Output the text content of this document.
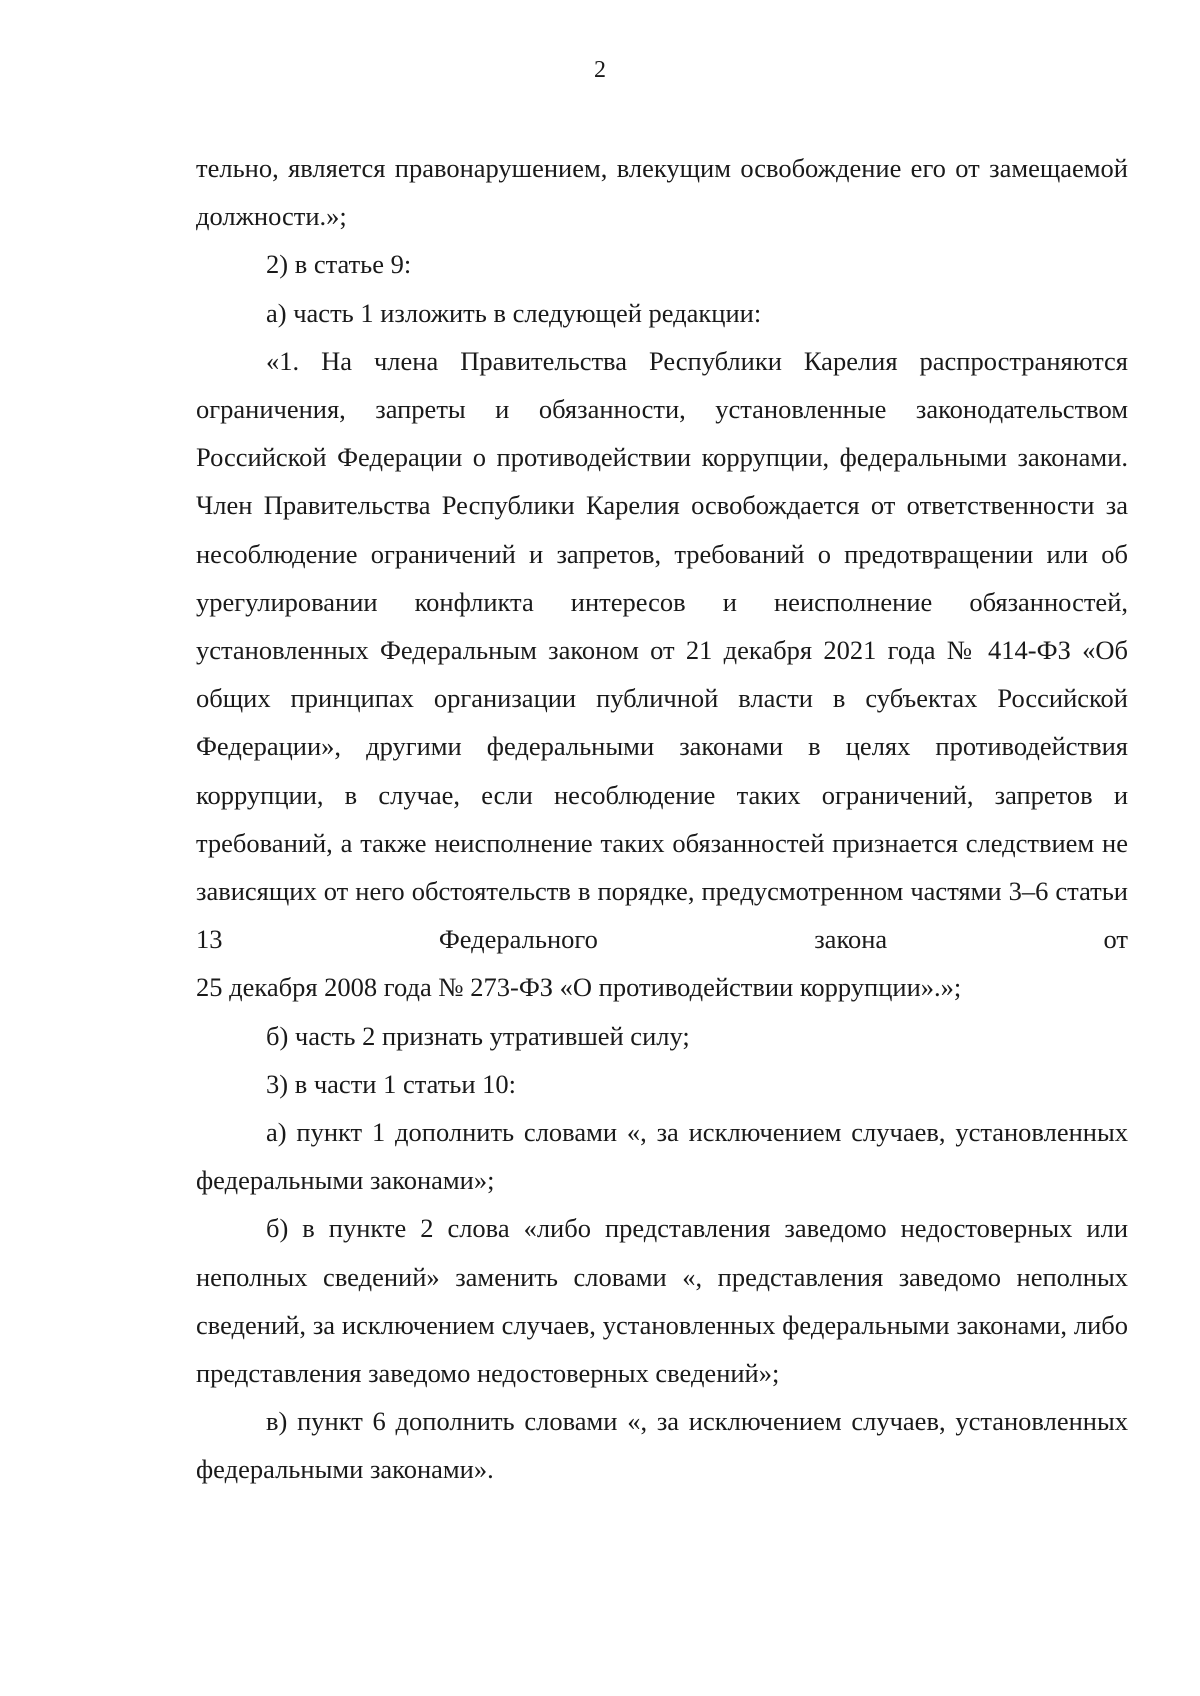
2

тельно, является правонарушением, влекущим освобождение его от замещаемой должности.»;

2) в статье 9:

а) часть 1 изложить в следующей редакции:

«1. На члена Правительства Республики Карелия распространяются ограничения, запреты и обязанности, установленные законодательством Российской Федерации о противодействии коррупции, федеральными законами. Член Правительства Республики Карелия освобождается от ответственности за несоблюдение ограничений и запретов, требований о предотвращении или об урегулировании конфликта интересов и неисполнение обязанностей, установленных Федеральным законом от 21 декабря 2021 года № 414-ФЗ «Об общих принципах организации публичной власти в субъектах Российской Федерации», другими федеральными законами в целях противодействия коррупции, в случае, если несоблюдение таких ограничений, запретов и требований, а также неисполнение таких обязанностей признается следствием не зависящих от него обстоятельств в порядке, предусмотренном частями 3–6 статьи 13 Федерального закона от

25 декабря 2008 года № 273-ФЗ «О противодействии коррупции».»;

б) часть 2 признать утратившей силу;

3) в части 1 статьи 10:

а) пункт 1 дополнить словами «, за исключением случаев, установленных федеральными законами»;

б) в пункте 2 слова «либо представления заведомо недостоверных или неполных сведений» заменить словами «, представления заведомо неполных сведений, за исключением случаев, установленных федеральными законами, либо представления заведомо недостоверных сведений»;

в) пункт 6 дополнить словами «, за исключением случаев, установленных федеральными законами».
